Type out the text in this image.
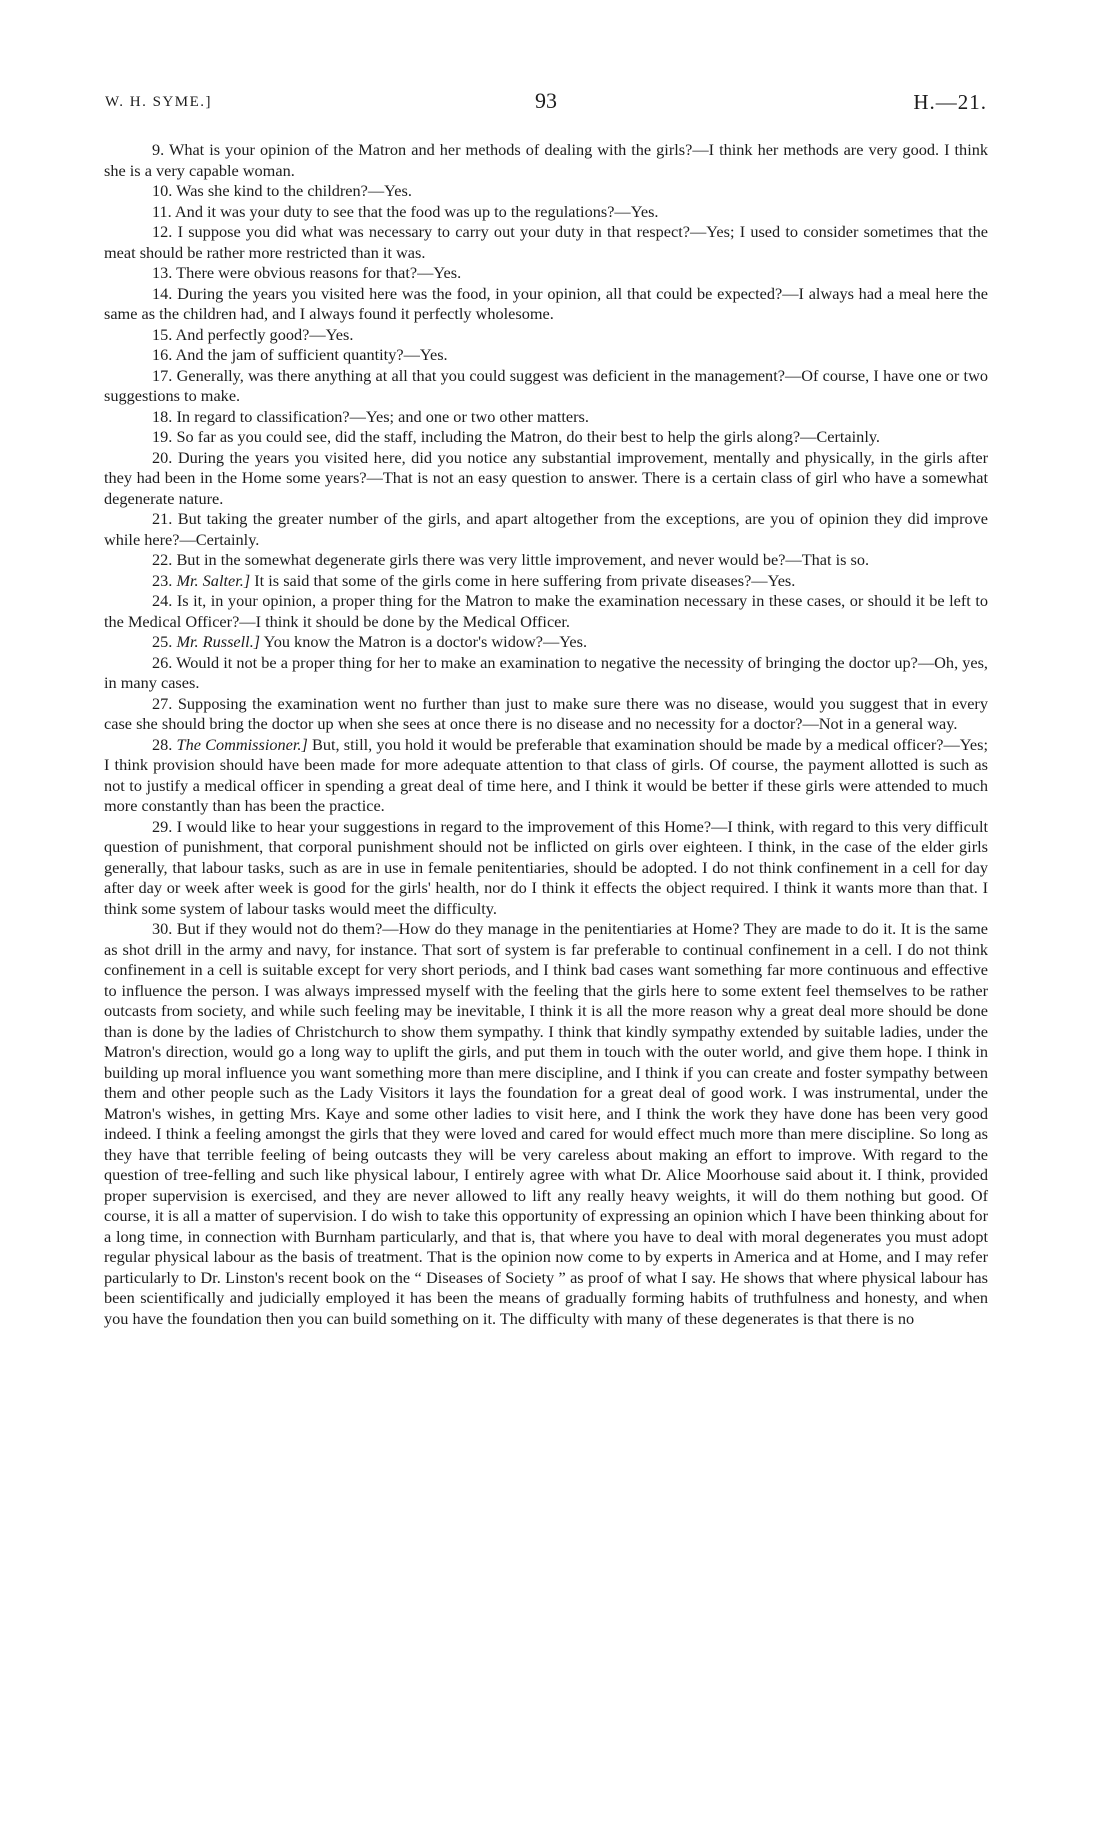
W. H. SYME.]	93	H.—21.

9. What is your opinion of the Matron and her methods of dealing with the girls?—I think her methods are very good. I think she is a very capable woman.

10. Was she kind to the children?—Yes.

11. And it was your duty to see that the food was up to the regulations?—Yes.

12. I suppose you did what was necessary to carry out your duty in that respect?—Yes; I used to consider sometimes that the meat should be rather more restricted than it was.

13. There were obvious reasons for that?—Yes.

14. During the years you visited here was the food, in your opinion, all that could be expected?—I always had a meal here the same as the children had, and I always found it perfectly wholesome.

15. And perfectly good?—Yes.

16. And the jam of sufficient quantity?—Yes.

17. Generally, was there anything at all that you could suggest was deficient in the management?—Of course, I have one or two suggestions to make.

18. In regard to classification?—Yes; and one or two other matters.

19. So far as you could see, did the staff, including the Matron, do their best to help the girls along?—Certainly.

20. During the years you visited here, did you notice any substantial improvement, mentally and physically, in the girls after they had been in the Home some years?—That is not an easy question to answer. There is a certain class of girl who have a somewhat degenerate nature.

21. But taking the greater number of the girls, and apart altogether from the exceptions, are you of opinion they did improve while here?—Certainly.

22. But in the somewhat degenerate girls there was very little improvement, and never would be?—That is so.

23. Mr. Salter.] It is said that some of the girls come in here suffering from private diseases?—Yes.

24. Is it, in your opinion, a proper thing for the Matron to make the examination necessary in these cases, or should it be left to the Medical Officer?—I think it should be done by the Medical Officer.

25. Mr. Russell.] You know the Matron is a doctor's widow?—Yes.

26. Would it not be a proper thing for her to make an examination to negative the necessity of bringing the doctor up?—Oh, yes, in many cases.

27. Supposing the examination went no further than just to make sure there was no disease, would you suggest that in every case she should bring the doctor up when she sees at once there is no disease and no necessity for a doctor?—Not in a general way.

28. The Commissioner.] But, still, you hold it would be preferable that examination should be made by a medical officer?—Yes; I think provision should have been made for more adequate attention to that class of girls. Of course, the payment allotted is such as not to justify a medical officer in spending a great deal of time here, and I think it would be better if these girls were attended to much more constantly than has been the practice.

29. I would like to hear your suggestions in regard to the improvement of this Home?—I think, with regard to this very difficult question of punishment, that corporal punishment should not be inflicted on girls over eighteen. I think, in the case of the elder girls generally, that labour tasks, such as are in use in female penitentiaries, should be adopted. I do not think confinement in a cell for day after day or week after week is good for the girls' health, nor do I think it effects the object required. I think it wants more than that. I think some system of labour tasks would meet the difficulty.

30. But if they would not do them?—How do they manage in the penitentiaries at Home? They are made to do it. It is the same as shot drill in the army and navy, for instance. That sort of system is far preferable to continual confinement in a cell. I do not think confinement in a cell is suitable except for very short periods, and I think bad cases want something far more continuous and effective to influence the person. I was always impressed myself with the feeling that the girls here to some extent feel themselves to be rather outcasts from society, and while such feeling may be inevitable, I think it is all the more reason why a great deal more should be done than is done by the ladies of Christchurch to show them sympathy. I think that kindly sympathy extended by suitable ladies, under the Matron's direction, would go a long way to uplift the girls, and put them in touch with the outer world, and give them hope. I think in building up moral influence you want something more than mere discipline, and I think if you can create and foster sympathy between them and other people such as the Lady Visitors it lays the foundation for a great deal of good work. I was instrumental, under the Matron's wishes, in getting Mrs. Kaye and some other ladies to visit here, and I think the work they have done has been very good indeed. I think a feeling amongst the girls that they were loved and cared for would effect much more than mere discipline. So long as they have that terrible feeling of being outcasts they will be very careless about making an effort to improve. With regard to the question of tree-felling and such like physical labour, I entirely agree with what Dr. Alice Moorhouse said about it. I think, provided proper supervision is exercised, and they are never allowed to lift any really heavy weights, it will do them nothing but good. Of course, it is all a matter of supervision. I do wish to take this opportunity of expressing an opinion which I have been thinking about for a long time, in connection with Burnham particularly, and that is, that where you have to deal with moral degenerates you must adopt regular physical labour as the basis of treatment. That is the opinion now come to by experts in America and at Home, and I may refer particularly to Dr. Linston's recent book on the “ Diseases of Society ” as proof of what I say. He shows that where physical labour has been scientifically and judicially employed it has been the means of gradually forming habits of truthfulness and honesty, and when you have the foundation then you can build something on it. The difficulty with many of these degenerates is that there is no
